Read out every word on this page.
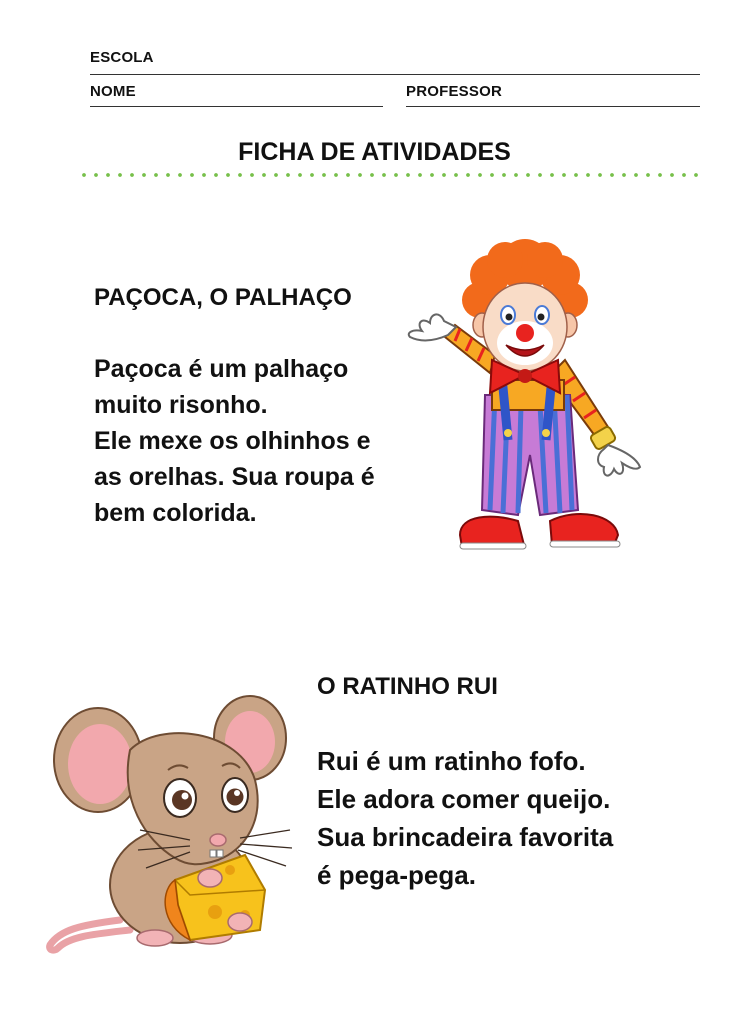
ESCOLA
NOME	PROFESSOR
FICHA DE ATIVIDADES
PAÇOCA, O PALHAÇO

Paçoca é um palhaço

muito risonho.

Ele mexe os olhinhos e

as orelhas. Sua roupa é

bem colorida.

O RATINHO RUI

Rui é um ratinho fofo.

Ele adora comer queijo.

Sua brincadeira favorita

é pega-pega.
